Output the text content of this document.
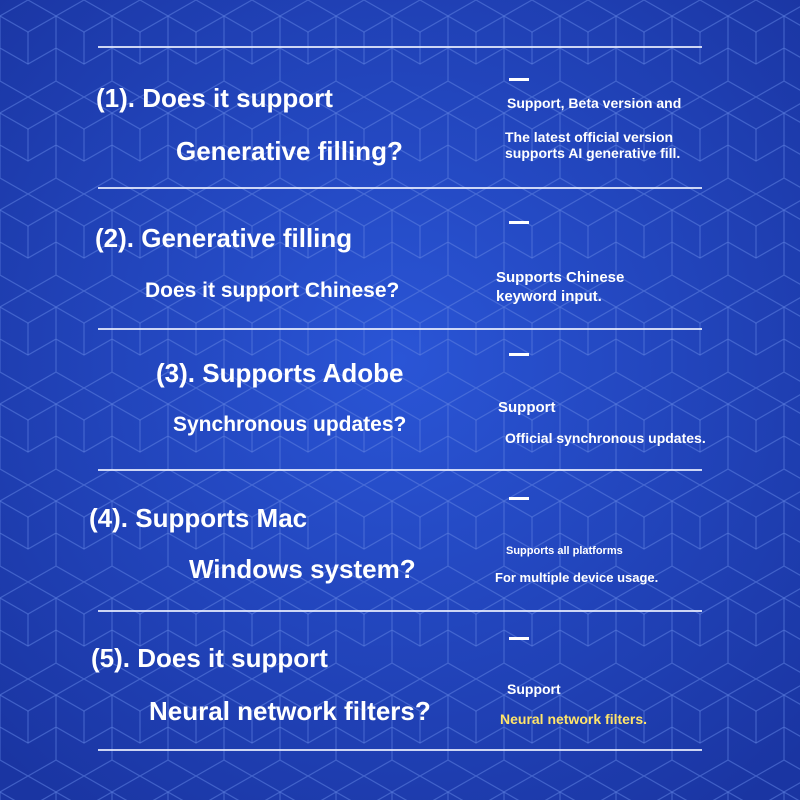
(1). Does it support
Generative filling?
Support, Beta version and
The latest official version
supports AI generative fill.
(2). Generative filling
Does it support Chinese?
Supports Chinese
keyword input.
(3). Supports Adobe
Synchronous updates?
Support
Official synchronous updates.
(4). Supports Mac
Windows system?
Supports all platforms
For multiple device usage.
(5). Does it support
Neural network filters?
Support
Neural network filters.
